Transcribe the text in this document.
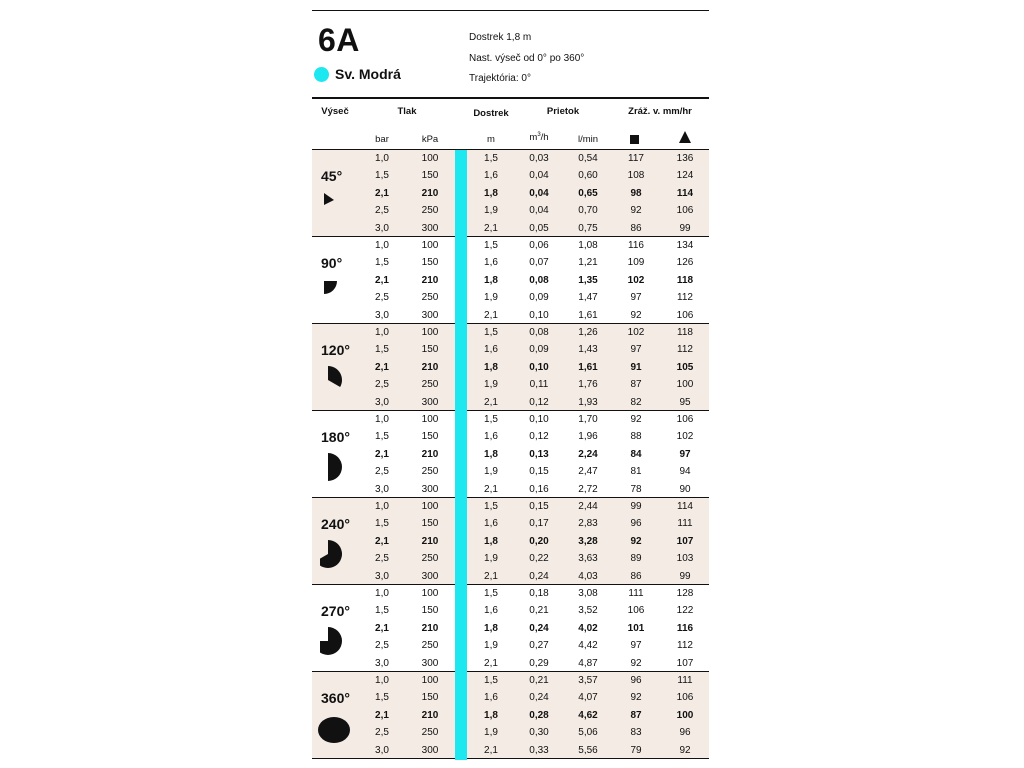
6A
Sv. Modrá
Dostrek 1,8 m
Nast. výseč od 0° po 360°
Trajektória: 0°
Výseč	Tlak	Dostrek	Prietok	Zráž. v. mm/hr
bar	kPa	m	$m^3/h$	l/min
45°
1,0	100	1,5	0,03	0,54	117	136
1,5	150	1,6	0,04	0,60	108	124
2,1	210	1,8	0,04	0,65	98	114
2,5	250	1,9	0,04	0,70	92	106
3,0	300	2,1	0,05	0,75	86	99
90°
1,0	100	1,5	0,06	1,08	116	134
1,5	150	1,6	0,07	1,21	109	126
2,1	210	1,8	0,08	1,35	102	118
2,5	250	1,9	0,09	1,47	97	112
3,0	300	2,1	0,10	1,61	92	106
120°
1,0	100	1,5	0,08	1,26	102	118
1,5	150	1,6	0,09	1,43	97	112
2,1	210	1,8	0,10	1,61	91	105
2,5	250	1,9	0,11	1,76	87	100
3,0	300	2,1	0,12	1,93	82	95
180°
1,0	100	1,5	0,10	1,70	92	106
1,5	150	1,6	0,12	1,96	88	102
2,1	210	1,8	0,13	2,24	84	97
2,5	250	1,9	0,15	2,47	81	94
3,0	300	2,1	0,16	2,72	78	90
240°
1,0	100	1,5	0,15	2,44	99	114
1,5	150	1,6	0,17	2,83	96	111
2,1	210	1,8	0,20	3,28	92	107
2,5	250	1,9	0,22	3,63	89	103
3,0	300	2,1	0,24	4,03	86	99
270°
1,0	100	1,5	0,18	3,08	111	128
1,5	150	1,6	0,21	3,52	106	122
2,1	210	1,8	0,24	4,02	101	116
2,5	250	1,9	0,27	4,42	97	112
3,0	300	2,1	0,29	4,87	92	107
360°
1,0	100	1,5	0,21	3,57	96	111
1,5	150	1,6	0,24	4,07	92	106
2,1	210	1,8	0,28	4,62	87	100
2,5	250	1,9	0,30	5,06	83	96
3,0	300	2,1	0,33	5,56	79	92
